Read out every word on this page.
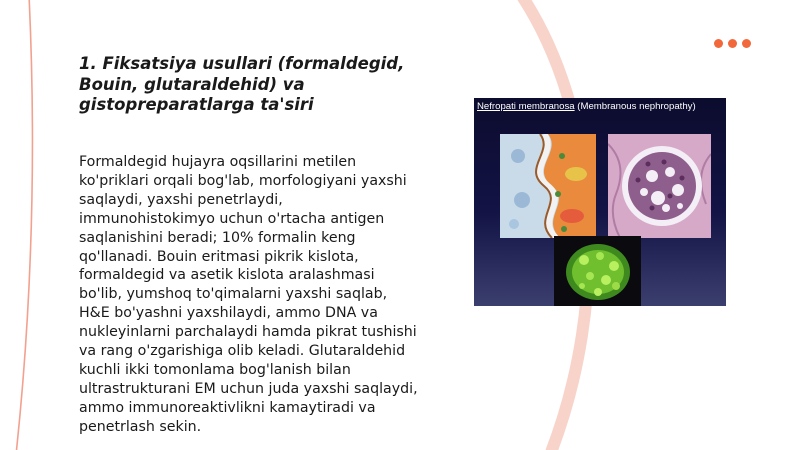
1. Fiksatsiya usullari (formaldegid, Bouin, glutaraldehid) va gistopreparatlarga ta'siri

Formaldegid hujayra oqsillarini metilen ko'priklari orqali bog'lab, morfologiyani yaxshi saqlaydi, yaxshi penetrlaydi, immunohistokimyo uchun o'rtacha antigen saqlanishini beradi; 10% formalin keng qo'llanadi. Bouin eritmasi pikrik kislota, formaldegid va asetik kislota aralashmasi bo'lib, yumshoq to'qimalarni yaxshi saqlab, H&E bo'yashni yaxshilaydi, ammo DNA va nukleyinlarni parchalaydi hamda pikrat tushishi va rang o'zgarishiga olib keladi. Glutaraldehid kuchli ikki tomonlama bog'lanish bilan ultrastrukturani EM uchun juda yaxshi saqlaydi, ammo immunoreaktivlikni kamaytiradi va penetrlash sekin.

Nefropati membranosa (Membranous nephropathy)
